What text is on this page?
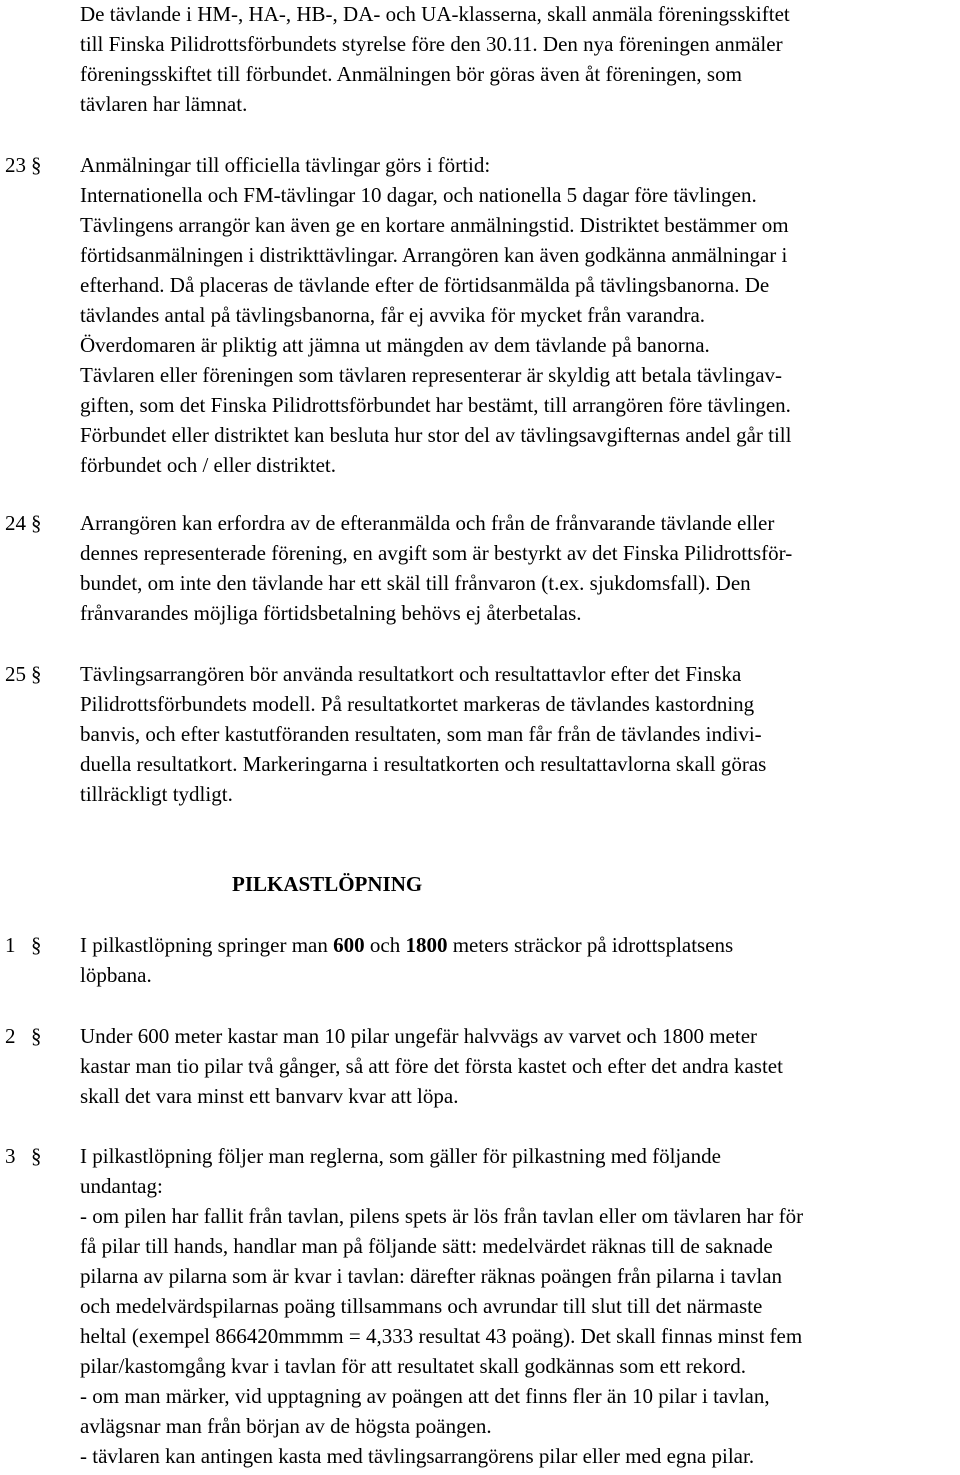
De tävlande i HM-, HA-, HB-, DA- och UA-klasserna, skall anmäla föreningsskiftet
till Finska Pilidrottsförbundets styrelse före den 30.11. Den nya föreningen anmäler
föreningsskiftet till förbundet. Anmälningen bör göras även åt föreningen, som
tävlaren har lämnat.
23 § Anmälningar till officiella tävlingar görs i förtid:
Internationella och FM-tävlingar 10 dagar, och nationella 5 dagar före tävlingen.
Tävlingens arrangör kan även ge en kortare anmälningstid. Distriktet bestämmer om
förtidsanmälningen i distrikttävlingar. Arrangören kan även godkänna anmälningar i
efterhand. Då placeras de tävlande efter de förtidsanmälda på tävlingsbanorna. De
tävlandes antal på tävlingsbanorna, får ej avvika för mycket från varandra.
Överdomaren är pliktig att jämna ut mängden av dem tävlande på banorna.
Tävlaren eller föreningen som tävlaren representerar är skyldig att betala tävlingav-
giften, som det Finska Pilidrottsförbundet har bestämt, till arrangören före tävlingen.
Förbundet eller distriktet kan besluta hur stor del av tävlingsavgifternas andel går till
förbundet och / eller distriktet.
24 § Arrangören kan erfordra av de efteranmälda och från de frånvarande tävlande eller
dennes representerade förening, en avgift som är bestyrkt av det Finska Pilidrottsför-
bundet, om inte den tävlande har ett skäl till frånvaron (t.ex. sjukdomsfall). Den
frånvarandes möjliga förtidsbetalning behövs ej återbetalas.
25 § Tävlingsarrangören bör använda resultatkort och resultattavlor efter det Finska
Pilidrottsförbundets modell. På resultatkortet markeras de tävlandes kastordning
banvis, och efter kastutföranden resultaten, som man får från de tävlandes indivi-
duella resultatkort. Markeringarna i resultatkorten och resultattavlorna skall göras
tillräckligt tydligt.
PILKASTLÖPNING
1 § I pilkastlöpning springer man 600 och 1800 meters sträckor på idrottsplatsens
löpbana.
2 § Under 600 meter kastar man 10 pilar ungefär halvvägs av varvet och 1800 meter
kastar man tio pilar två gånger, så att före det första kastet och efter det andra kastet
skall det vara minst ett banvarv kvar att löpa.
3 § I pilkastlöpning följer man reglerna, som gäller för pilkastning med följande
undantag:
- om pilen har fallit från tavlan, pilens spets är lös från tavlan eller om tävlaren har för
få pilar till hands, handlar man på följande sätt: medelvärdet räknas till de saknade
pilarna av pilarna som är kvar i tavlan: därefter räknas poängen från pilarna i tavlan
och medelvärdspilarnas poäng tillsammans och avrundar till slut till det närmaste
heltal (exempel 866420mmmm = 4,333 resultat 43 poäng). Det skall finnas minst fem
pilar/kastomgång kvar i tavlan för att resultatet skall godkännas som ett rekord.
- om man märker, vid upptagning av poängen att det finns fler än 10 pilar i tavlan,
avlägsnar man från början av de högsta poängen.
- tävlaren kan antingen kasta med tävlingsarrangörens pilar eller med egna pilar.
